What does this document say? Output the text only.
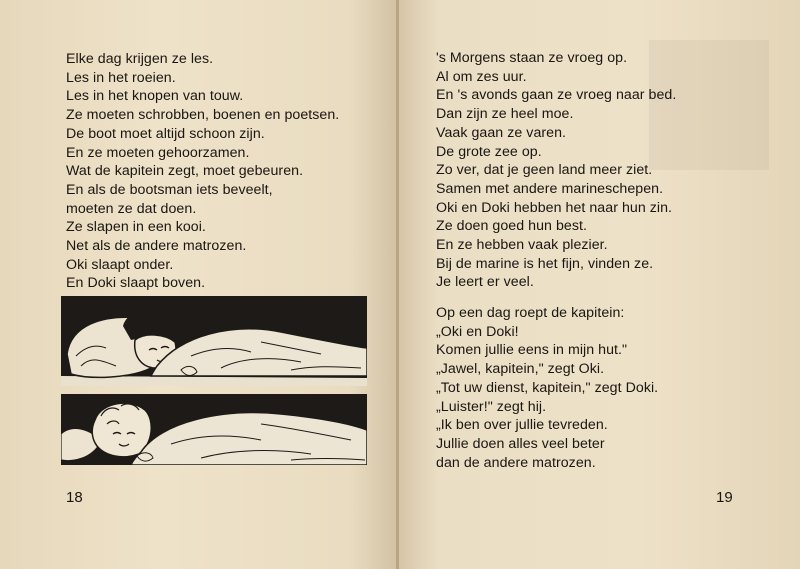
Elke dag krijgen ze les.
Les in het roeien.
Les in het knopen van touw.
Ze moeten schrobben, boenen en poetsen.
De boot moet altijd schoon zijn.
En ze moeten gehoorzamen.
Wat de kapitein zegt, moet gebeuren.
En als de bootsman iets beveelt,
moeten ze dat doen.
Ze slapen in een kooi.
Net als de andere matrozen.
Oki slaapt onder.
En Doki slaapt boven.
18
's Morgens staan ze vroeg op.
Al om zes uur.
En 's avonds gaan ze vroeg naar bed.
Dan zijn ze heel moe.
Vaak gaan ze varen.
De grote zee op.
Zo ver, dat je geen land meer ziet.
Samen met andere marineschepen.
Oki en Doki hebben het naar hun zin.
Ze doen goed hun best.
En ze hebben vaak plezier.
Bij de marine is het fijn, vinden ze.
Je leert er veel.
Op een dag roept de kapitein:
„Oki en Doki!
Komen jullie eens in mijn hut."
„Jawel, kapitein," zegt Oki.
„Tot uw dienst, kapitein," zegt Doki.
„Luister!" zegt hij.
„Ik ben over jullie tevreden.
Jullie doen alles veel beter
dan de andere matrozen.
19
